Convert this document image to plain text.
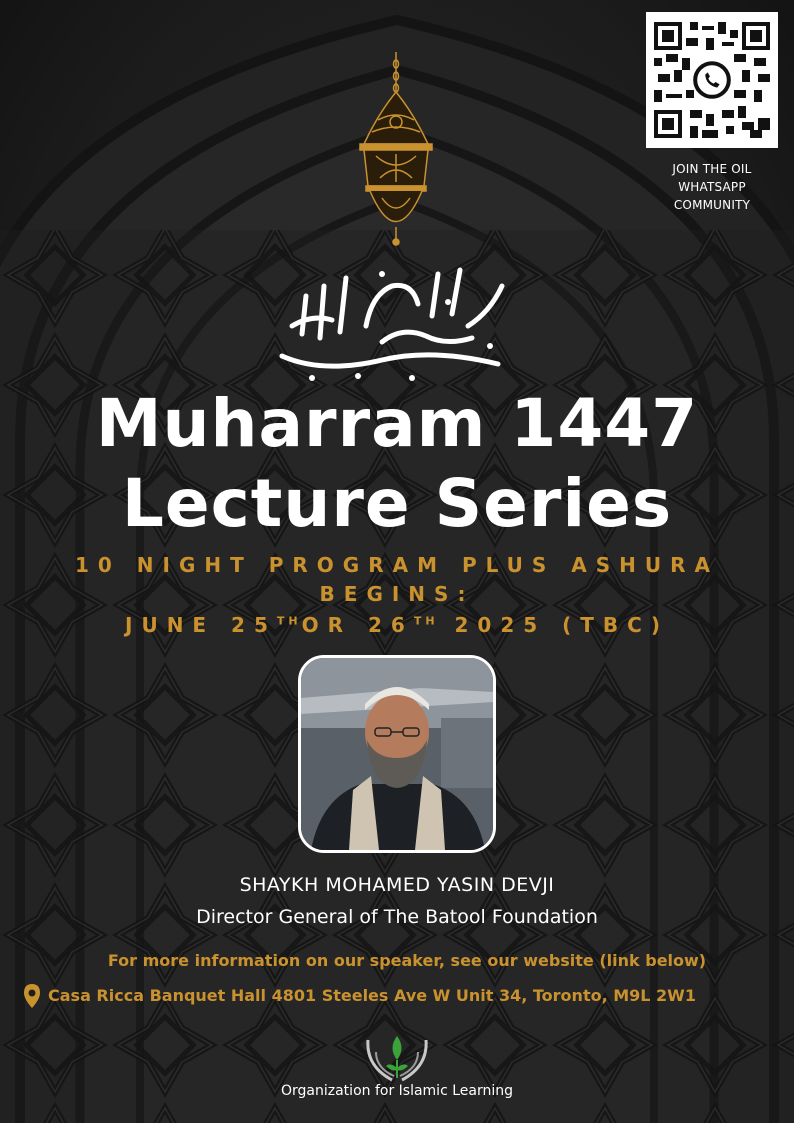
JOIN THE OIL
WHATSAPP
COMMUNITY
Muharram 1447
Lecture Series
10 NIGHT PROGRAM PLUS ASHURA
BEGINS:
JUNE 25THOR 26TH 2025 (TBC)
SHAYKH MOHAMED YASIN DEVJI
Director General of The Batool Foundation
For more information on our speaker, see our website (link below)
Casa Ricca Banquet Hall 4801 Steeles Ave W Unit 34, Toronto, M9L 2W1
Organization for Islamic Learning
